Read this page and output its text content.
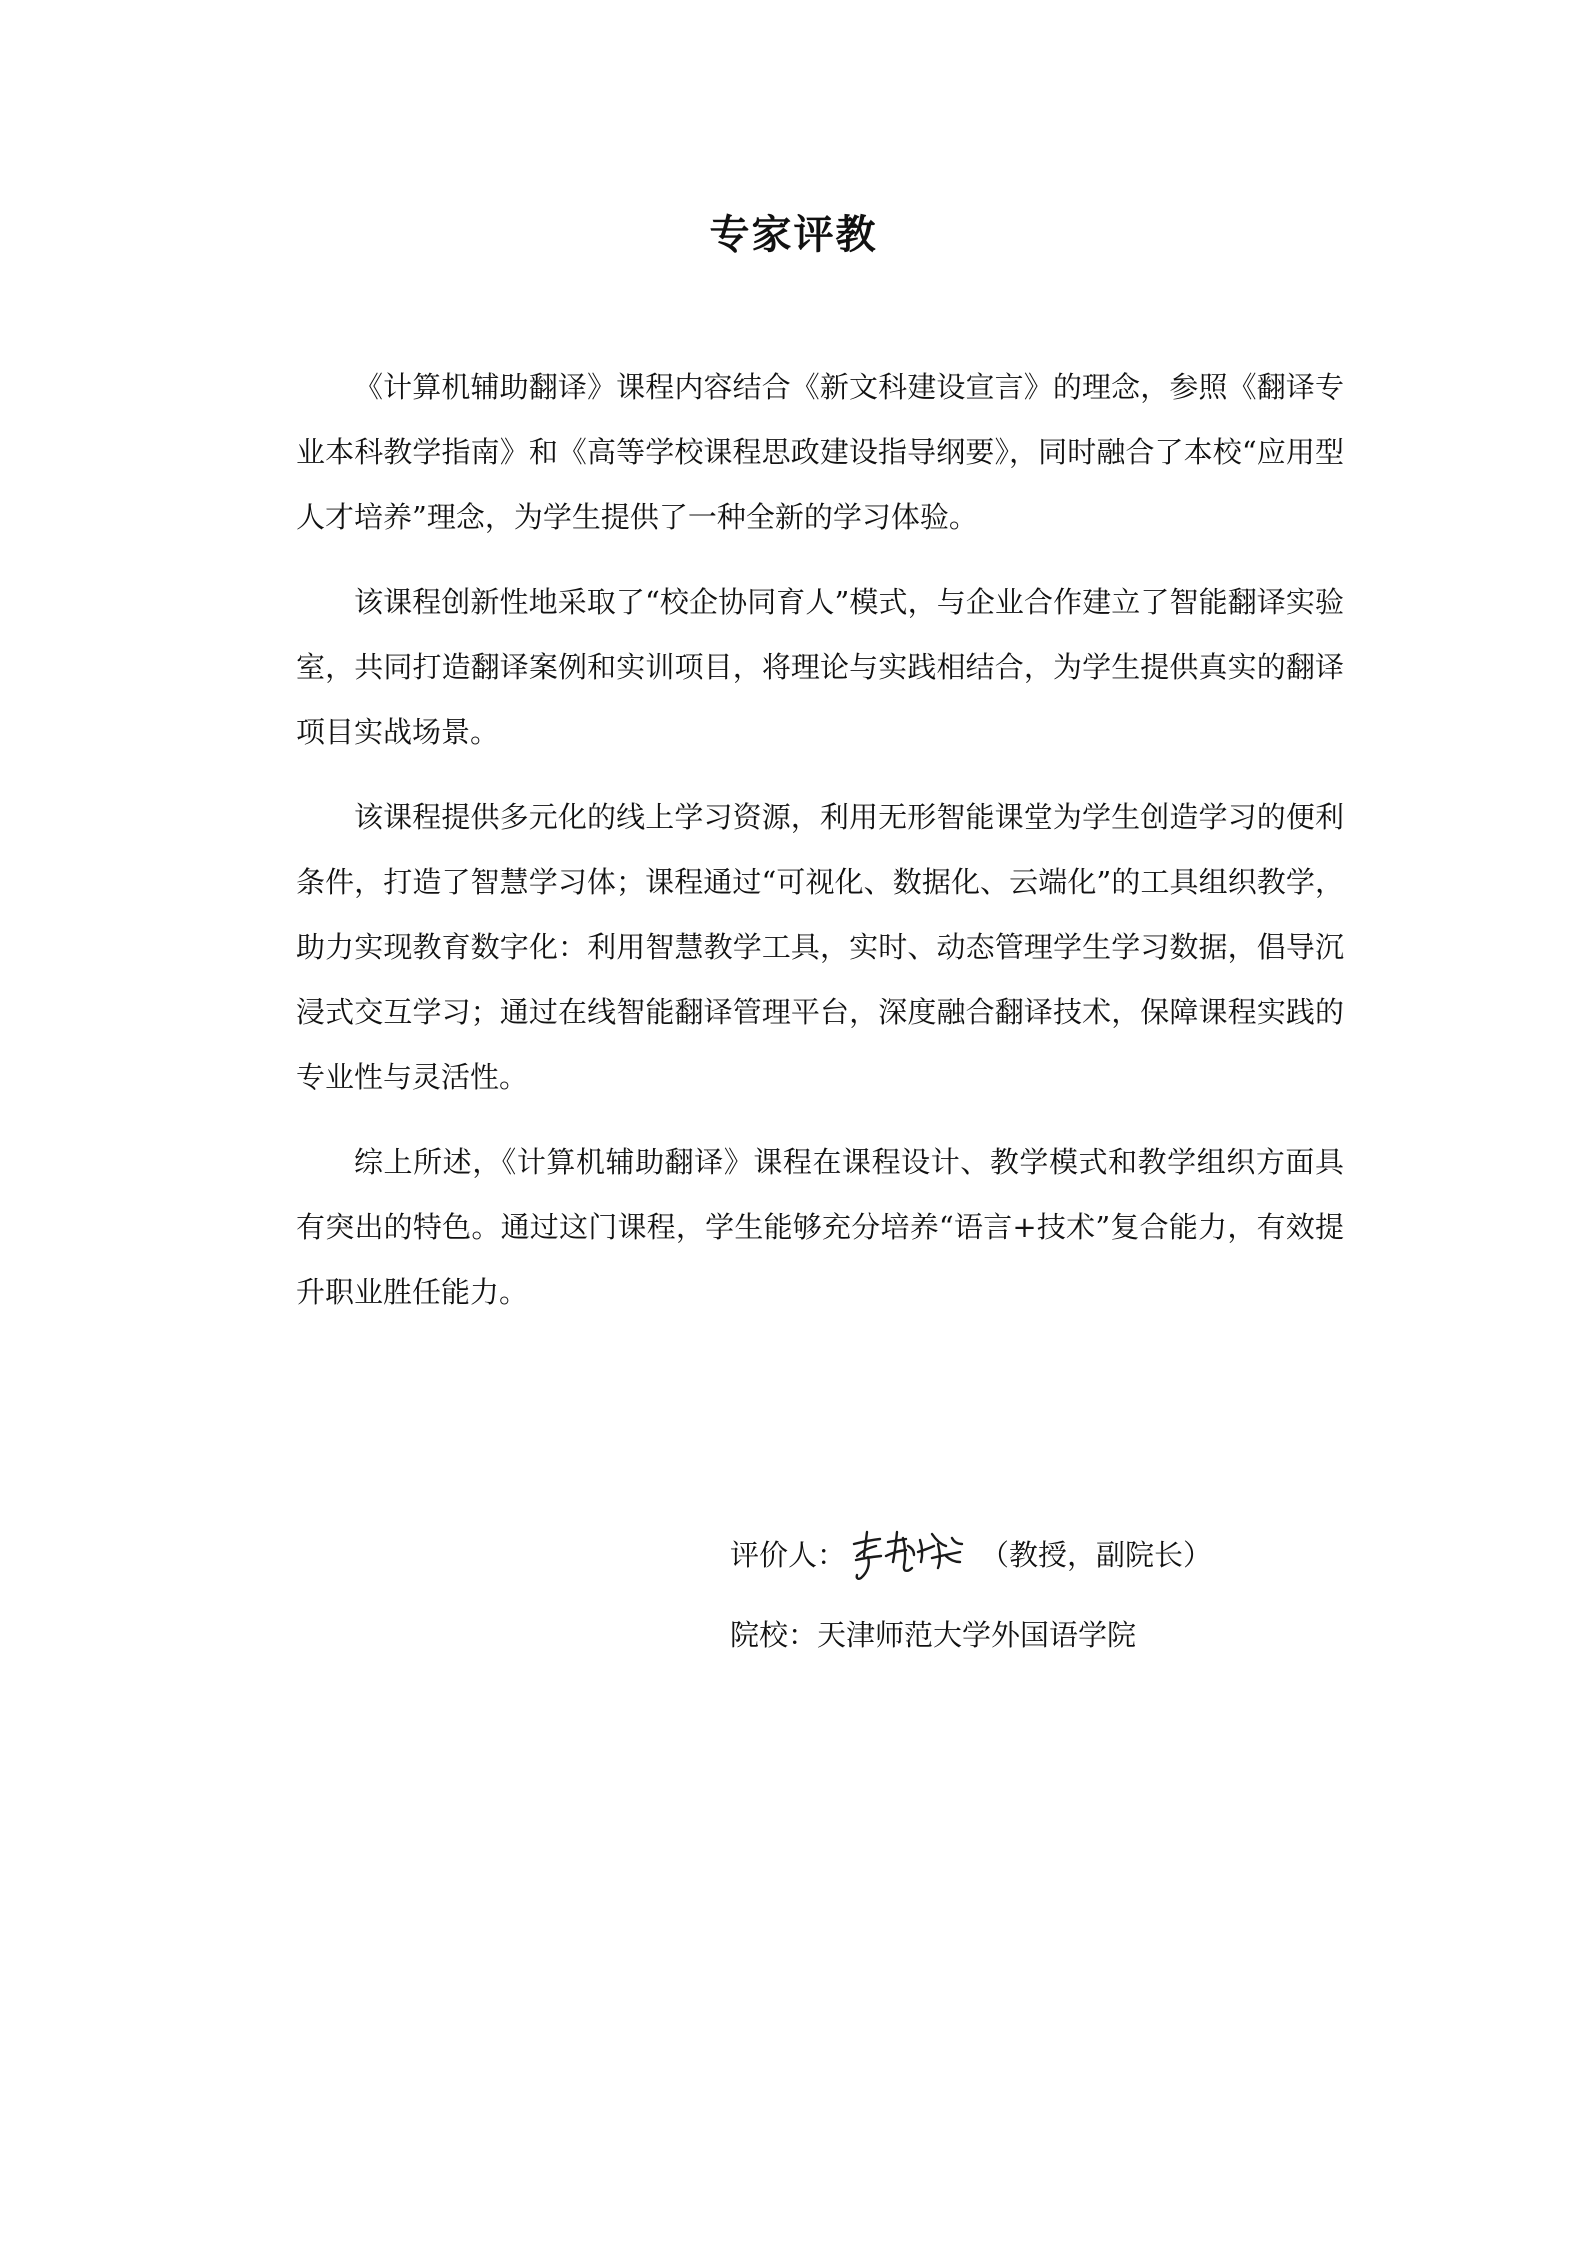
专家评教

《计算机辅助翻译》课程内容结合《新文科建设宣言》的理念，参照《翻译专业本科教学指南》和《高等学校课程思政建设指导纲要》，同时融合了本校“应用型人才培养”理念，为学生提供了一种全新的学习体验。

该课程创新性地采取了“校企协同育人”模式，与企业合作建立了智能翻译实验室，共同打造翻译案例和实训项目，将理论与实践相结合，为学生提供真实的翻译项目实战场景。

该课程提供多元化的线上学习资源，利用无形智能课堂为学生创造学习的便利条件，打造了智慧学习体；课程通过“可视化、数据化、云端化”的工具组织教学，助力实现教育数字化：利用智慧教学工具，实时、动态管理学生学习数据，倡导沉浸式交互学习；通过在线智能翻译管理平台，深度融合翻译技术，保障课程实践的专业性与灵活性。

综上所述，《计算机辅助翻译》课程在课程设计、教学模式和教学组织方面具有突出的特色。通过这门课程，学生能够充分培养“语言+技术”复合能力，有效提升职业胜任能力。

评价人：	（教授，副院长）
院校： 天津师范大学外国语学院
